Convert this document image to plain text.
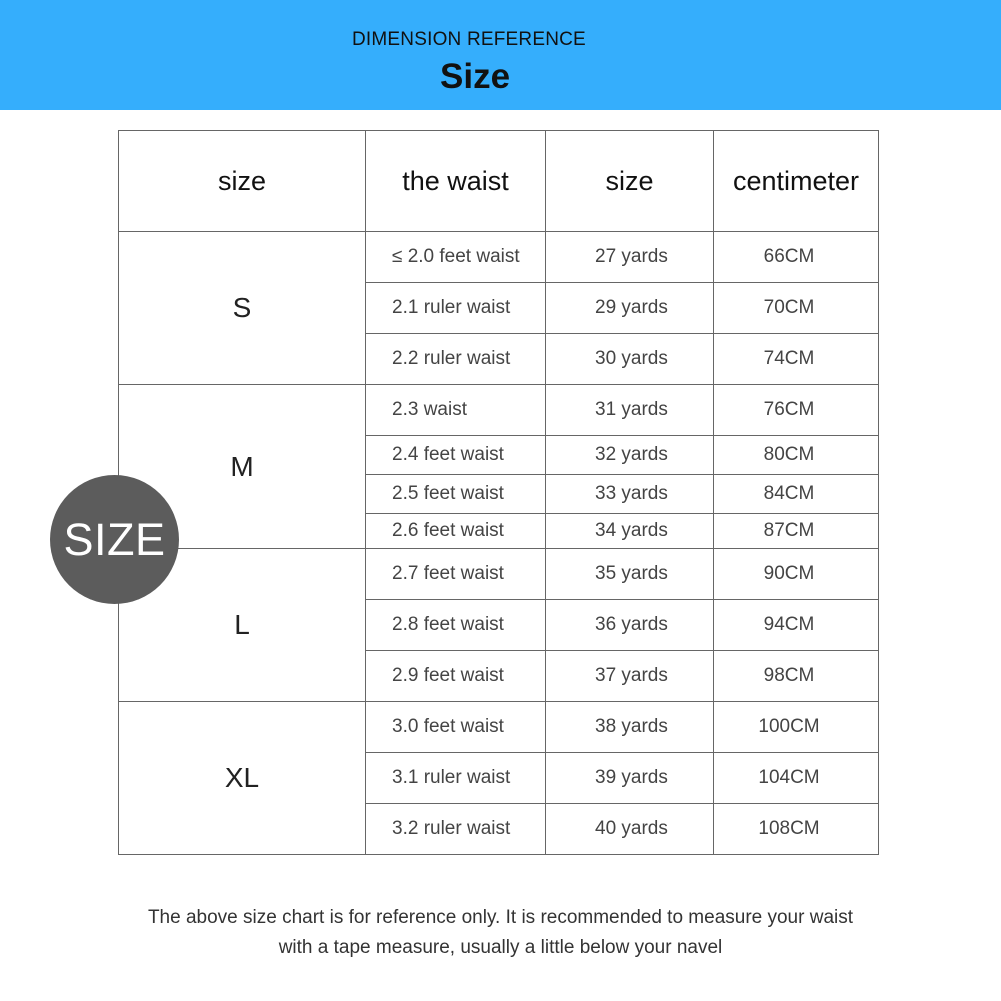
DIMENSION REFERENCE
Size
size	the waist	size	centimeter
S	≤ 2.0 feet waist	27 yards	66CM
	2.1 ruler waist	29 yards	70CM
	2.2 ruler waist	30 yards	74CM
M	2.3 waist	31 yards	76CM
	2.4 feet waist	32 yards	80CM
	2.5 feet waist	33 yards	84CM
	2.6 feet waist	34 yards	87CM
L	2.7 feet waist	35 yards	90CM
	2.8 feet waist	36 yards	94CM
	2.9 feet waist	37 yards	98CM
XL	3.0 feet waist	38 yards	100CM
	3.1 ruler waist	39 yards	104CM
	3.2 ruler waist	40 yards	108CM
SIZE
The above size chart is for reference only. It is recommended to measure your waist
with a tape measure, usually a little below your navel
